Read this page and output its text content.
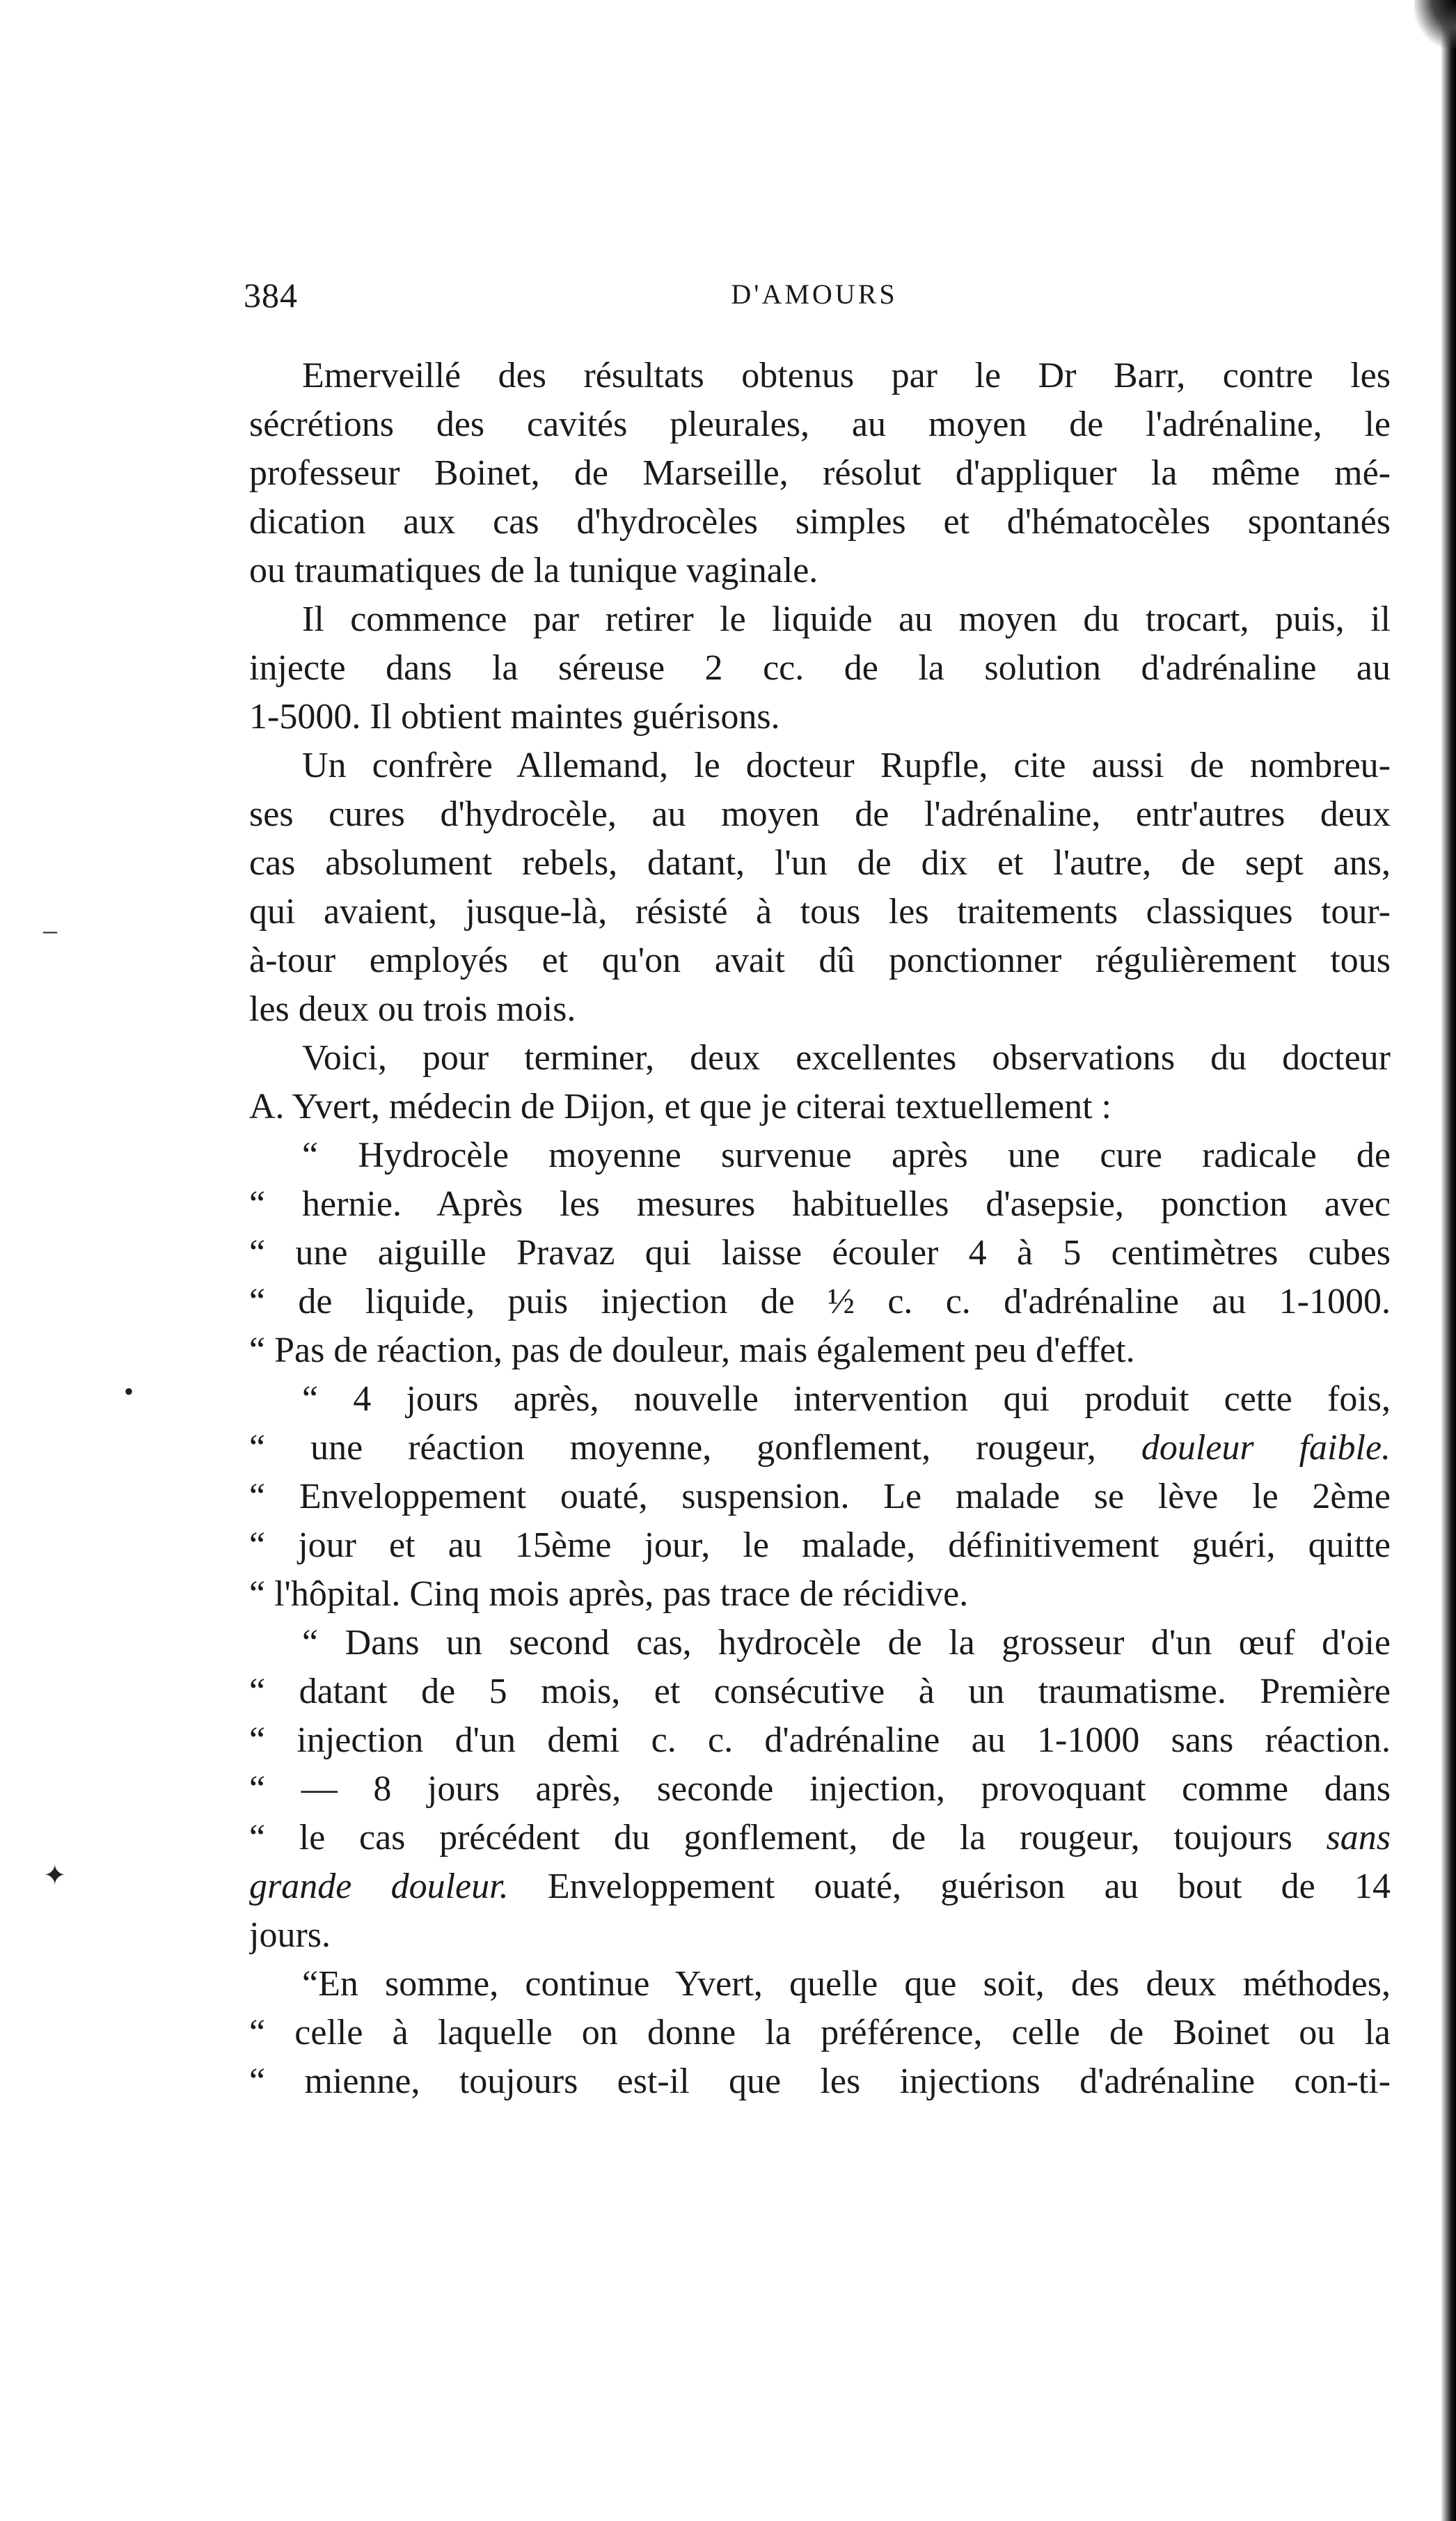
384	D'AMOURS
Emerveillé des résultats obtenus par le Dr Barr, contre les
sécrétions des cavités pleurales, au moyen de l'adrénaline, le
professeur Boinet, de Marseille, résolut d'appliquer la même mé-
dication aux cas d'hydrocèles simples et d'hématocèles spontanés
ou traumatiques de la tunique vaginale.
Il commence par retirer le liquide au moyen du trocart, puis, il
injecte dans la séreuse 2 cc. de la solution d'adrénaline au
1-5000. Il obtient maintes guérisons.
Un confrère Allemand, le docteur Rupfle, cite aussi de nombreu-
ses cures d'hydrocèle, au moyen de l'adrénaline, entr'autres deux
cas absolument rebels, datant, l'un de dix et l'autre, de sept ans,
qui avaient, jusque-là, résisté à tous les traitements classiques tour-
à-tour employés et qu'on avait dû ponctionner régulièrement tous
les deux ou trois mois.
Voici, pour terminer, deux excellentes observations du docteur
A. Yvert, médecin de Dijon, et que je citerai textuellement :
“ Hydrocèle moyenne survenue après une cure radicale de
“ hernie. Après les mesures habituelles d'asepsie, ponction avec
“ une aiguille Pravaz qui laisse écouler 4 à 5 centimètres cubes
“ de liquide, puis injection de ½ c. c. d'adrénaline au 1-1000.
“ Pas de réaction, pas de douleur, mais également peu d'effet.
“ 4 jours après, nouvelle intervention qui produit cette fois,
“ une réaction moyenne, gonflement, rougeur, douleur faible.
“ Enveloppement ouaté, suspension. Le malade se lève le 2ème
“ jour et au 15ème jour, le malade, définitivement guéri, quitte
“ l'hôpital. Cinq mois après, pas trace de récidive.
“ Dans un second cas, hydrocèle de la grosseur d'un œuf d'oie
“ datant de 5 mois, et consécutive à un traumatisme. Première
“ injection d'un demi c. c. d'adrénaline au 1-1000 sans réaction.
“ — 8 jours après, seconde injection, provoquant comme dans
“ le cas précédent du gonflement, de la rougeur, toujours sans
grande douleur. Enveloppement ouaté, guérison au bout de 14
jours.
“En somme, continue Yvert, quelle que soit, des deux méthodes,
“ celle à laquelle on donne la préférence, celle de Boinet ou la
“ mienne, toujours est-il que les injections d'adrénaline con-ti-
–
•
✦
